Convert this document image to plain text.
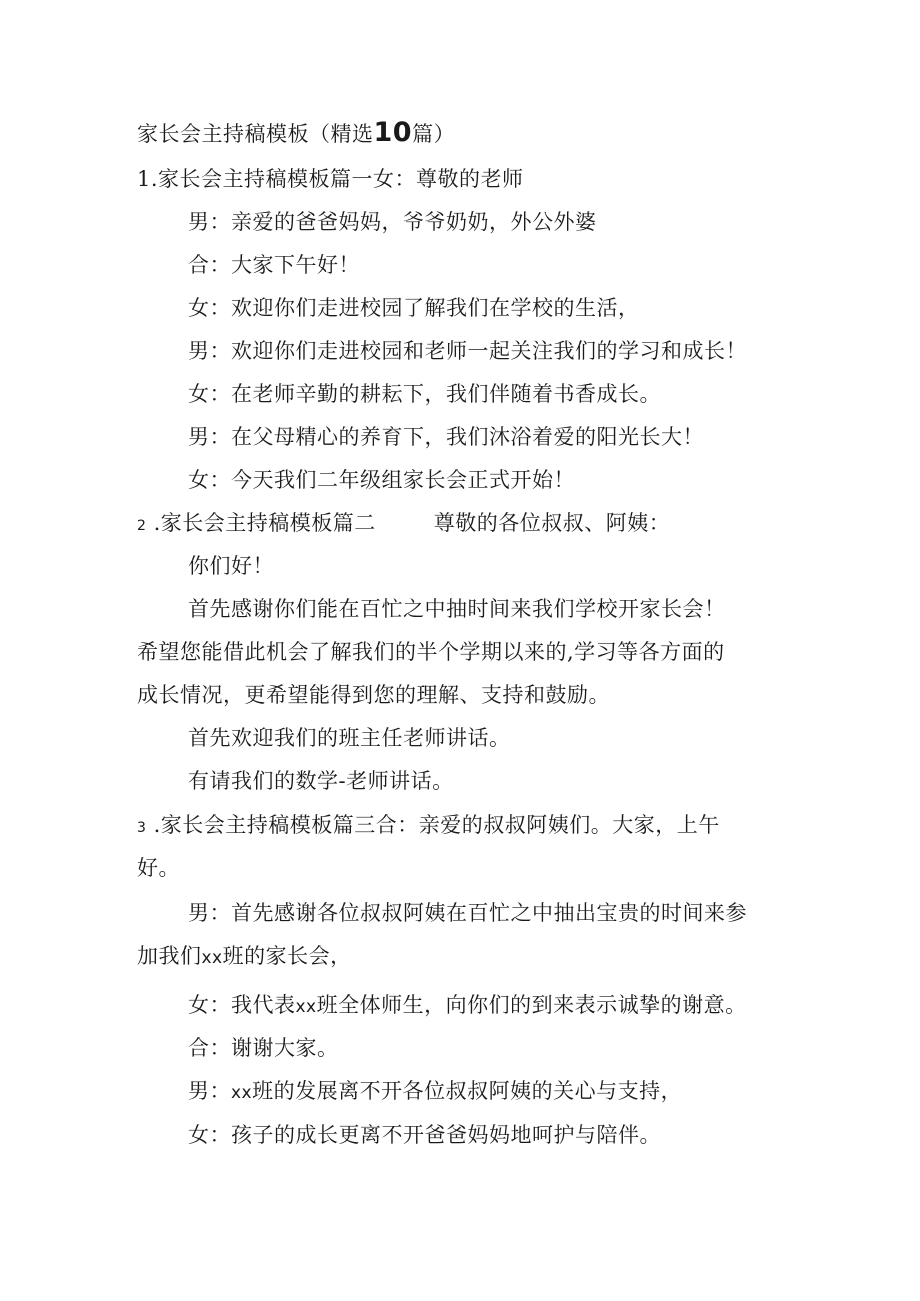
家长会主持稿模板（精选10篇）
1.家长会主持稿模板篇一女：尊敬的老师
男：亲爱的爸爸妈妈，爷爷奶奶，外公外婆
合：大家下午好！
女：欢迎你们走进校园了解我们在学校的生活，
男：欢迎你们走进校园和老师一起关注我们的学习和成长！
女：在老师辛勤的耕耘下，我们伴随着书香成长。
男：在父母精心的养育下，我们沐浴着爱的阳光长大！
女：今天我们二年级组家长会正式开始！
2 .家长会主持稿模板篇二	尊敬的各位叔叔、阿姨：
你们好！
首先感谢你们能在百忙之中抽时间来我们学校开家长会！
希望您能借此机会了解我们的半个学期以来的,学习等各方面的
成长情况，更希望能得到您的理解、支持和鼓励。
首先欢迎我们的班主任老师讲话。
有请我们的数学-老师讲话。
3 .家长会主持稿模板篇三合：亲爱的叔叔阿姨们。大家，上午
好。
男：首先感谢各位叔叔阿姨在百忙之中抽出宝贵的时间来参
加我们xx班的家长会，
女：我代表xx班全体师生，向你们的到来表示诚挚的谢意。
合：谢谢大家。
男：xx班的发展离不开各位叔叔阿姨的关心与支持，
女：孩子的成长更离不开爸爸妈妈地呵护与陪伴。
